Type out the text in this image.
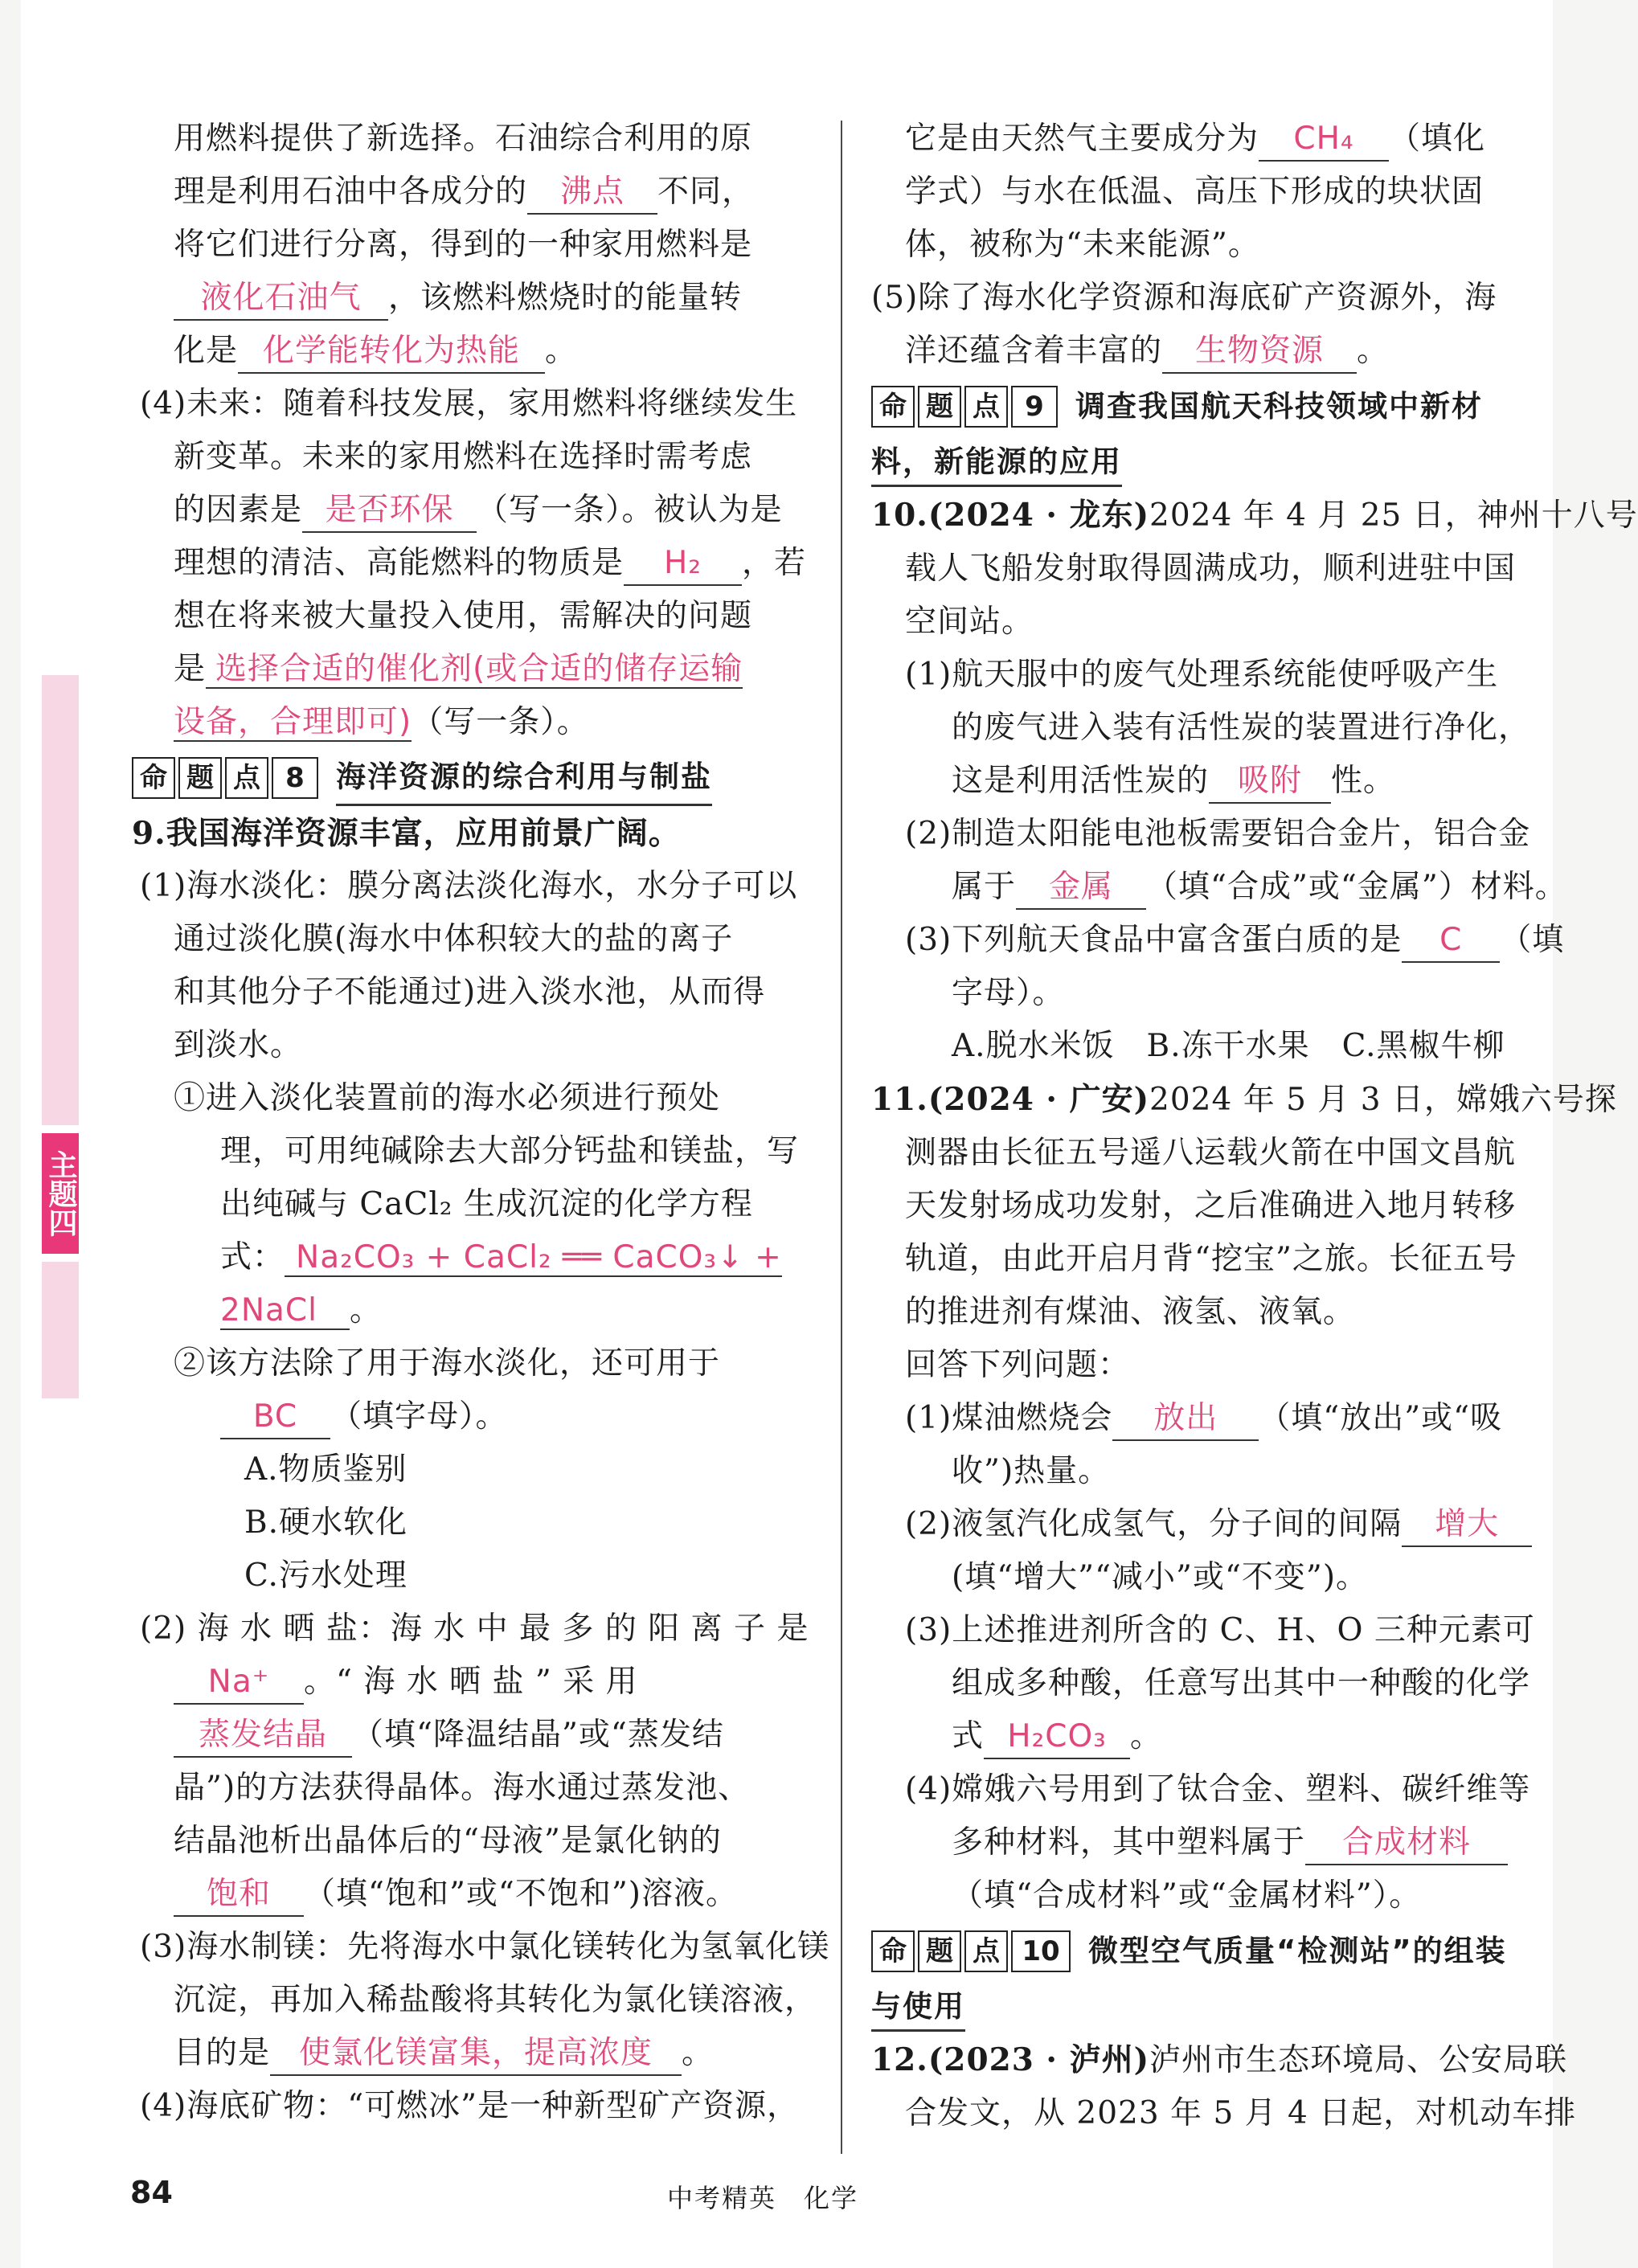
主题四
用燃料提供了新选择。石油综合利用的原
理是利用石油中各成分的 沸点 不同，
将它们进行分离，得到的一种家用燃料是
液化石油气 ，该燃料燃烧时的能量转
化是 化学能转化为热能 。
(4)未来：随着科技发展，家用燃料将继续发生
新变革。未来的家用燃料在选择时需考虑
的因素是 是否环保 （写一条）。被认为是
理想的清洁、高能燃料的物质是 H₂ ，若
想在将来被大量投入使用，需解决的问题
是 选择合适的催化剂(或合适的储存运输
设备，合理即可)（写一条）。
命 题 点 8	海洋资源的综合利用与制盐
9.我国海洋资源丰富，应用前景广阔。
(1)海水淡化：膜分离法淡化海水，水分子可以
通过淡化膜(海水中体积较大的盐的离子
和其他分子不能通过)进入淡水池，从而得
到淡水。
①进入淡化装置前的海水必须进行预处
理，可用纯碱除去大部分钙盐和镁盐，写
出纯碱与 CaCl₂ 生成沉淀的化学方程
式： Na₂CO₃ + CaCl₂ ══ CaCO₃↓ +
2NaCl 。
②该方法除了用于海水淡化，还可用于
BC （填字母）。
A.物质鉴别
B.硬水软化
C.污水处理
(2) 海 水 晒 盐：海 水 中 最 多 的 阳 离 子 是
Na⁺ 。“ 海 水 晒 盐 ” 采 用
蒸发结晶 （填“降温结晶”或“蒸发结
晶”)的方法获得晶体。海水通过蒸发池、
结晶池析出晶体后的“母液”是氯化钠的
饱和 （填“饱和”或“不饱和”)溶液。
(3)海水制镁：先将海水中氯化镁转化为氢氧化镁
沉淀，再加入稀盐酸将其转化为氯化镁溶液，
目的是 使氯化镁富集，提高浓度 。
(4)海底矿物：“可燃冰”是一种新型矿产资源，
它是由天然气主要成分为 CH₄ （填化
学式）与水在低温、高压下形成的块状固
体，被称为“未来能源”。
(5)除了海水化学资源和海底矿产资源外，海
洋还蕴含着丰富的 生物资源 。
命 题 点 9	调查我国航天科技领域中新材
料，新能源的应用
10.(2024 · 龙东)2024 年 4 月 25 日，神州十八号
载人飞船发射取得圆满成功，顺利进驻中国
空间站。
(1)航天服中的废气处理系统能使呼吸产生
的废气进入装有活性炭的装置进行净化，
这是利用活性炭的 吸附 性。
(2)制造太阳能电池板需要铝合金片，铝合金
属于 金属 （填“合成”或“金属”）材料。
(3)下列航天食品中富含蛋白质的是 C （填
字母）。
A.脱水米饭　B.冻干水果　C.黑椒牛柳
11.(2024 · 广安)2024 年 5 月 3 日，嫦娥六号探
测器由长征五号遥八运载火箭在中国文昌航
天发射场成功发射，之后准确进入地月转移
轨道，由此开启月背“挖宝”之旅。长征五号
的推进剂有煤油、液氢、液氧。
回答下列问题：
(1)煤油燃烧会 放出 （填“放出”或“吸
收”)热量。
(2)液氢汽化成氢气，分子间的间隔 增大
(填“增大”“减小”或“不变”)。
(3)上述推进剂所含的 C、H、O 三种元素可
组成多种酸，任意写出其中一种酸的化学
式 H₂CO₃ 。
(4)嫦娥六号用到了钛合金、塑料、碳纤维等
多种材料，其中塑料属于 合成材料
（填“合成材料”或“金属材料”）。
命 题 点 10 微型空气质量“检测站”的组装
与使用
12.(2023 · 泸州)泸州市生态环境局、公安局联
合发文，从 2023 年 5 月 4 日起，对机动车排
84	中考精英　化学
